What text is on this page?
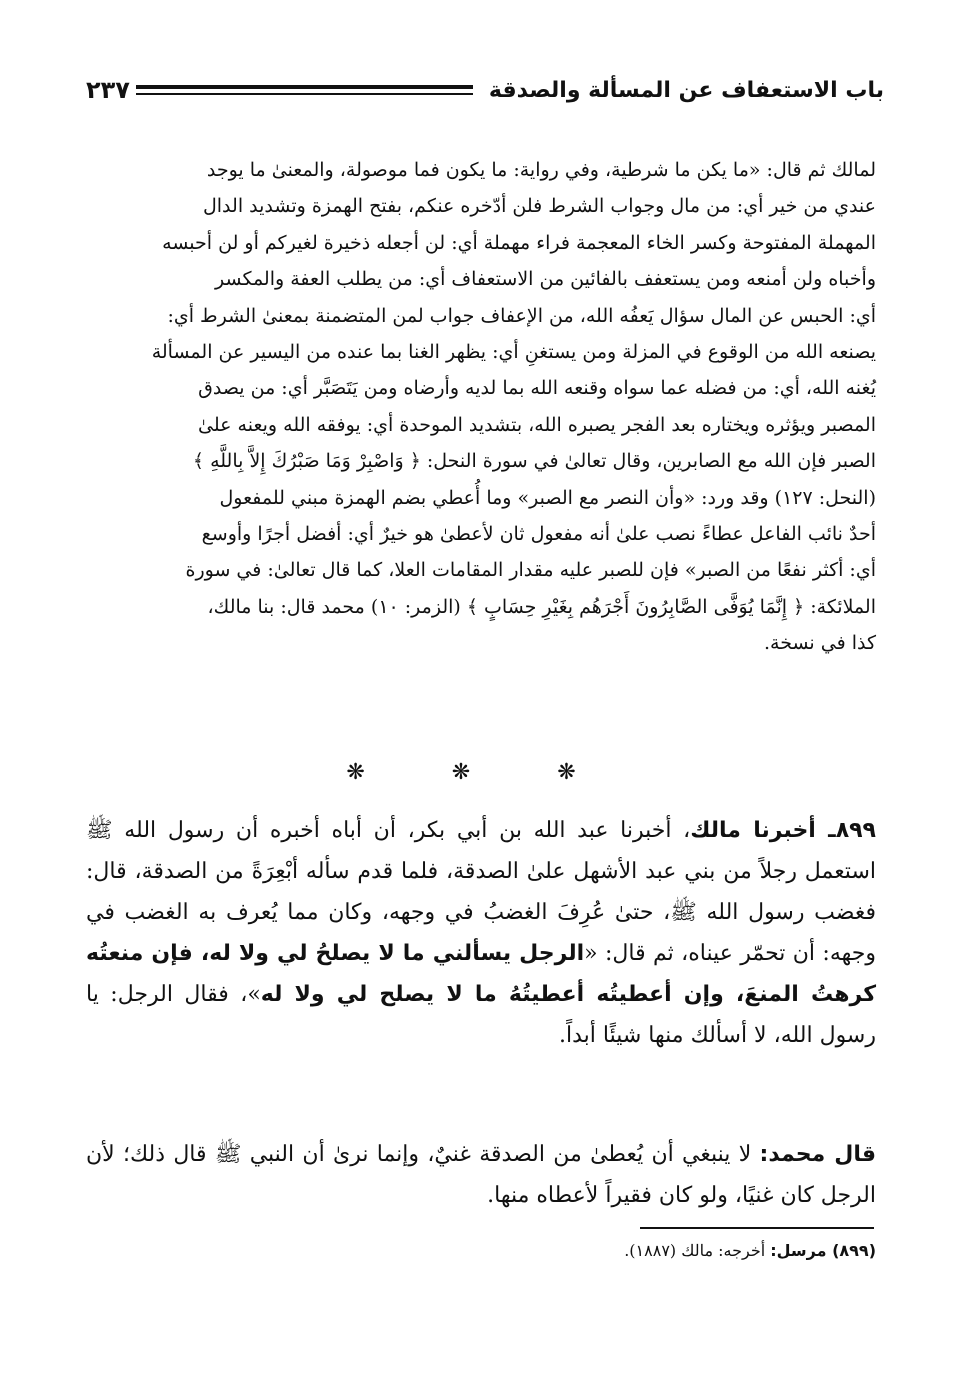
باب الاستعفاف عن المسألة والصدقة
٢٣٧

لمالك ثم قال: «ما يكن ما شرطية، وفي رواية: ما يكون فما موصولة، والمعنىٰ ما يوجد

عندي من خير أي: من مال وجواب الشرط فلن أدّخره عنكم، بفتح الهمزة وتشديد الدال

المهملة المفتوحة وكسر الخاء المعجمة فراء مهملة أي: لن أجعله ذخيرة لغيركم أو لن أحبسه

وأخباه ولن أمنعه ومن يستعفف بالفائين من الاستعفاف أي: من يطلب العفة والمكسر

أي: الحبس عن المال سؤال يَعفُه الله، من الإعفاف جواب لمن المتضمنة بمعنىٰ الشرط أي:

يصنعه الله من الوقوع في المزلة ومن يستغنِ أي: يظهر الغنا بما عنده من اليسير عن المسألة

يُغنه الله، أي: من فضله عما سواه وقنعه الله بما لديه وأرضاه ومن يَتَصَبَّر أي: من يصدق

المصبر ويؤثره ويختاره بعد الفجر يصبره الله، بتشديد الموحدة أي: يوفقه الله ويعنه علىٰ

الصبر فإن الله مع الصابرين، وقال تعالىٰ في سورة النحل: ﴿ وَاصْبِرْ وَمَا صَبْرُكَ إِلاَّ بِاللَّهِ ﴾

(النحل: ١٢٧) وقد ورد: «وأن النصر مع الصبر» وما أُعطي بضم الهمزة مبني للمفعول

أحدٌ نائب الفاعل عطاءً نصب علىٰ أنه مفعول ثان لأعطىٰ هو خيرٌ أي: أفضل أجرًا وأوسع

أي: أكثر نفعًا من الصبر» فإن للصبر عليه مقدار المقامات العلا، كما قال تعالىٰ: في سورة

الملائكة: ﴿ إِنَّمَا يُوَفَّى الصَّابِرُونَ أَجْرَهُم بِغَيْرِ حِسَابٍ ﴾ (الزمر: ١٠) محمد قال: بنا مالك،

كذا في نسخة.

❋ ❋ ❋

٨٩٩ـ أخبرنا مالك، أخبرنا عبد الله بن أبي بكر، أن أباه أخبره أن رسول الله ﷺ استعمل رجلاً من بني عبد الأشهل علىٰ الصدقة، فلما قدم سأله أبْعِرَةً من الصدقة، قال: فغضب رسول الله ﷺ، حتىٰ عُرِفَ الغضبُ في وجهه، وكان مما يُعرف به الغضب في وجهه: أن تحمّر عيناه، ثم قال: «الرجل يسألني ما لا يصلحُ لي ولا له، فإن منعتُه كرهتُ المنعَ، وإن أعطيتُه أعطيتُهُ ما لا يصلح لي ولا له»، فقال الرجل: يا رسول الله، لا أسألك منها شيئًا أبداً.

قال محمد: لا ينبغي أن يُعطىٰ من الصدقة غنيٌ، وإنما نرىٰ أن النبي ﷺ قال ذلك؛ لأن الرجل كان غنيًا، ولو كان فقيراً لأعطاه منها.

(٨٩٩) مرسل: أخرجه: مالك (١٨٨٧).
